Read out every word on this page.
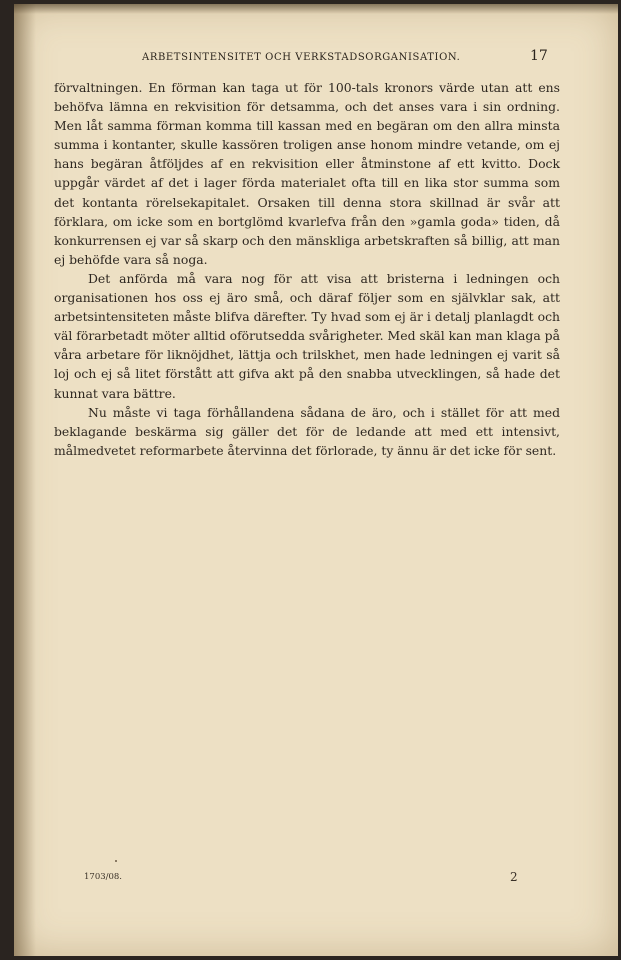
ARBETSINTENSITET OCH VERKSTADSORGANISATION.	17

förvaltningen. En förman kan taga ut för 100-tals kronors värde utan att ens behöfva lämna en rekvisition för detsamma, och det anses vara i sin ordning. Men låt samma förman komma till kassan med en begäran om den allra minsta summa i kontanter, skulle kassören troligen anse honom mindre vetande, om ej hans begäran åtföljdes af en rekvisition eller åtminstone af ett kvitto. Dock uppgår värdet af det i lager förda materialet ofta till en lika stor summa som det kontanta rörelsekapitalet. Orsaken till denna stora skillnad är svår att förklara, om icke som en bortglömd kvarlefva från den »gamla goda» tiden, då konkurrensen ej var så skarp och den mänskliga arbetskraften så billig, att man ej behöfde vara så noga.

Det anförda må vara nog för att visa att bristerna i ledningen och organisationen hos oss ej äro små, och däraf följer som en självklar sak, att arbetsintensiteten måste blifva därefter. Ty hvad som ej är i detalj planlagdt och väl förarbetadt möter alltid oförutsedda svårigheter. Med skäl kan man klaga på våra arbetare för liknöjdhet, lättja och trilskhet, men hade ledningen ej varit så loj och ej så litet förstått att gifva akt på den snabba utvecklingen, så hade det kunnat vara bättre.

Nu måste vi taga förhållandena sådana de äro, och i stället för att med beklagande beskärma sig gäller det för de ledande att med ett intensivt, målmedvetet reformarbete återvinna det förlorade, ty ännu är det icke för sent.

1703/08.	2
